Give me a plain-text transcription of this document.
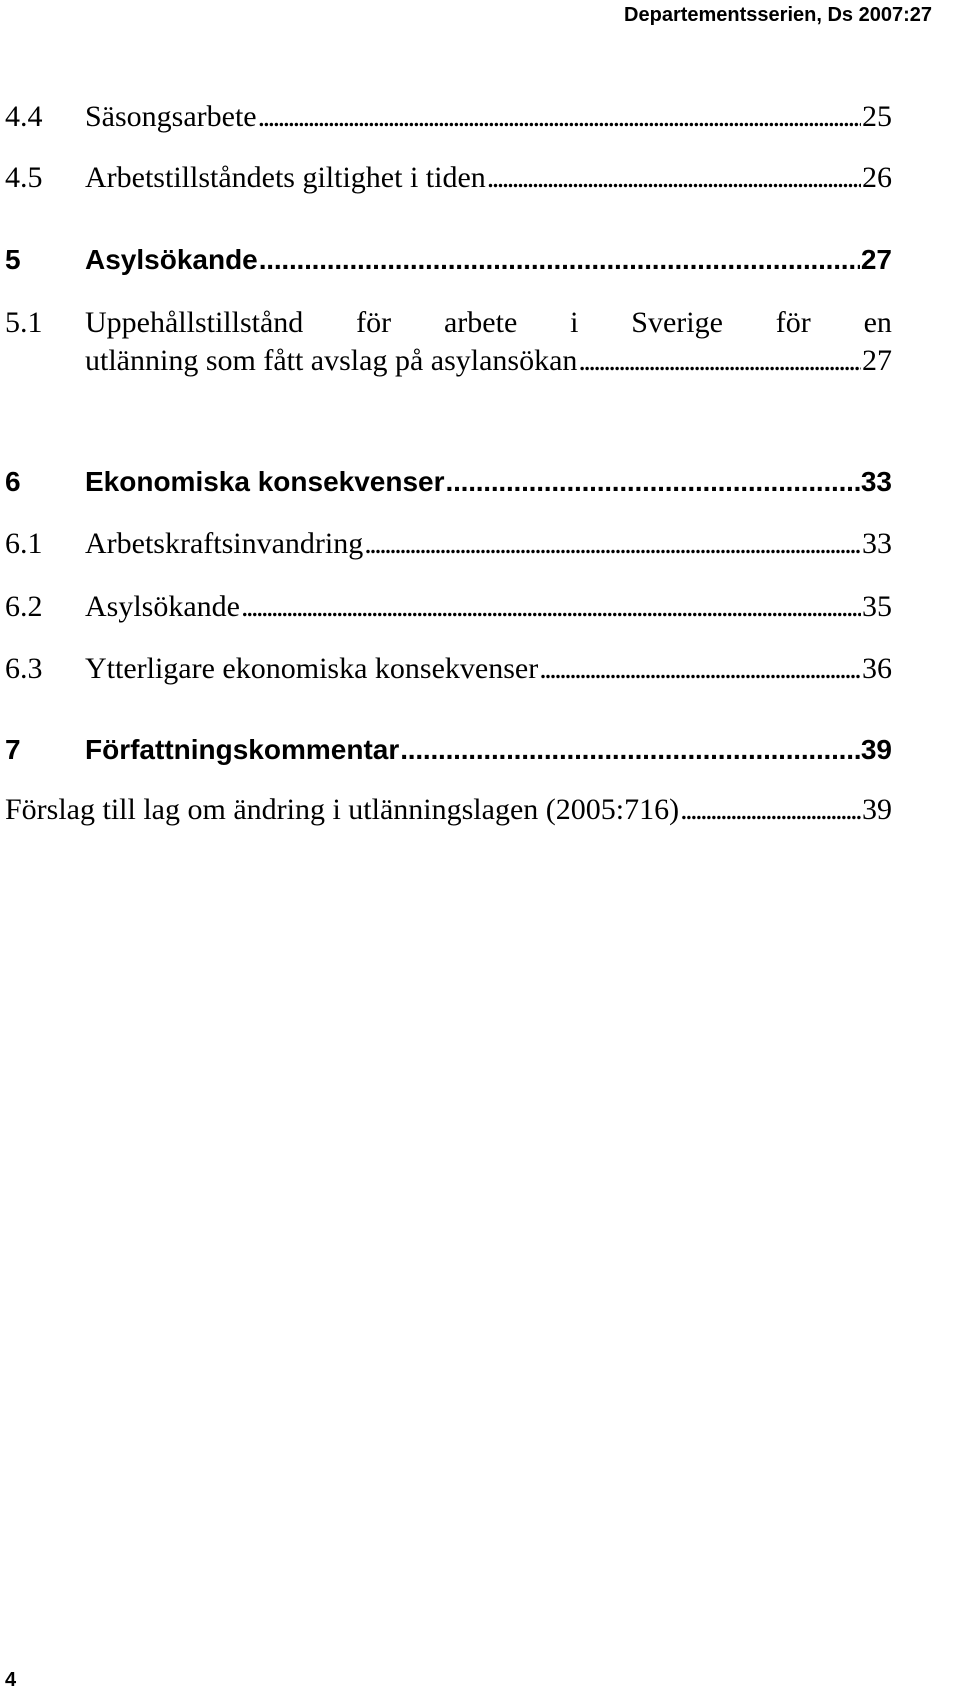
Departementsserien, Ds 2007:27
4.4	Säsongsarbete . . .	25
4.5	Arbetstillståndets giltighet i tiden . . .	26
5	Asylsökande . . .	27
5.1	Uppehållstillstånd för arbete i Sverige för en
utlänning som fått avslag på asylansökan . . .	27
6	Ekonomiska konsekvenser . . .	33
6.1	Arbetskraftsinvandring . . .	33
6.2	Asylsökande . . .	35
6.3	Ytterligare ekonomiska konsekvenser . . .	36
7	Författningskommentar . . .	39
Förslag till lag om ändring i utlänningslagen (2005:716) . . .	39
4
